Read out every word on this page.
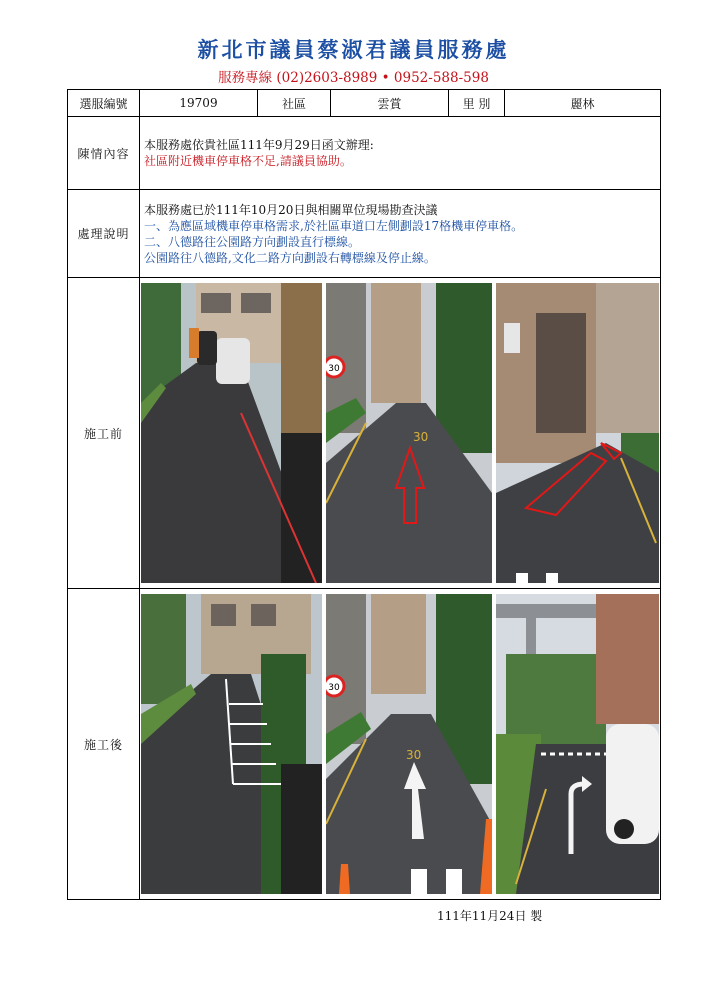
新北市議員蔡淑君議員服務處
服務專線 (02)2603-8989 • 0952-588-598
選服編號	19709	社區	雲賞	里 別	麗林
陳情內容	本服務處依貴社區111年9月29日函文辦理:
社區附近機車停車格不足,請議員協助。				

處理說明	本服務處已於111年10月20日與相關單位現場勘查決議
一、為應區域機車停車格需求,於社區車道口左側劃設17格機車停車格。
二、八德路往公園路方向劃設直行標線。
公園路往八德路,文化二路方向劃設右轉標線及停止線。				

施工前	30
30				

施工後	30
30				
111年11月24日 製
